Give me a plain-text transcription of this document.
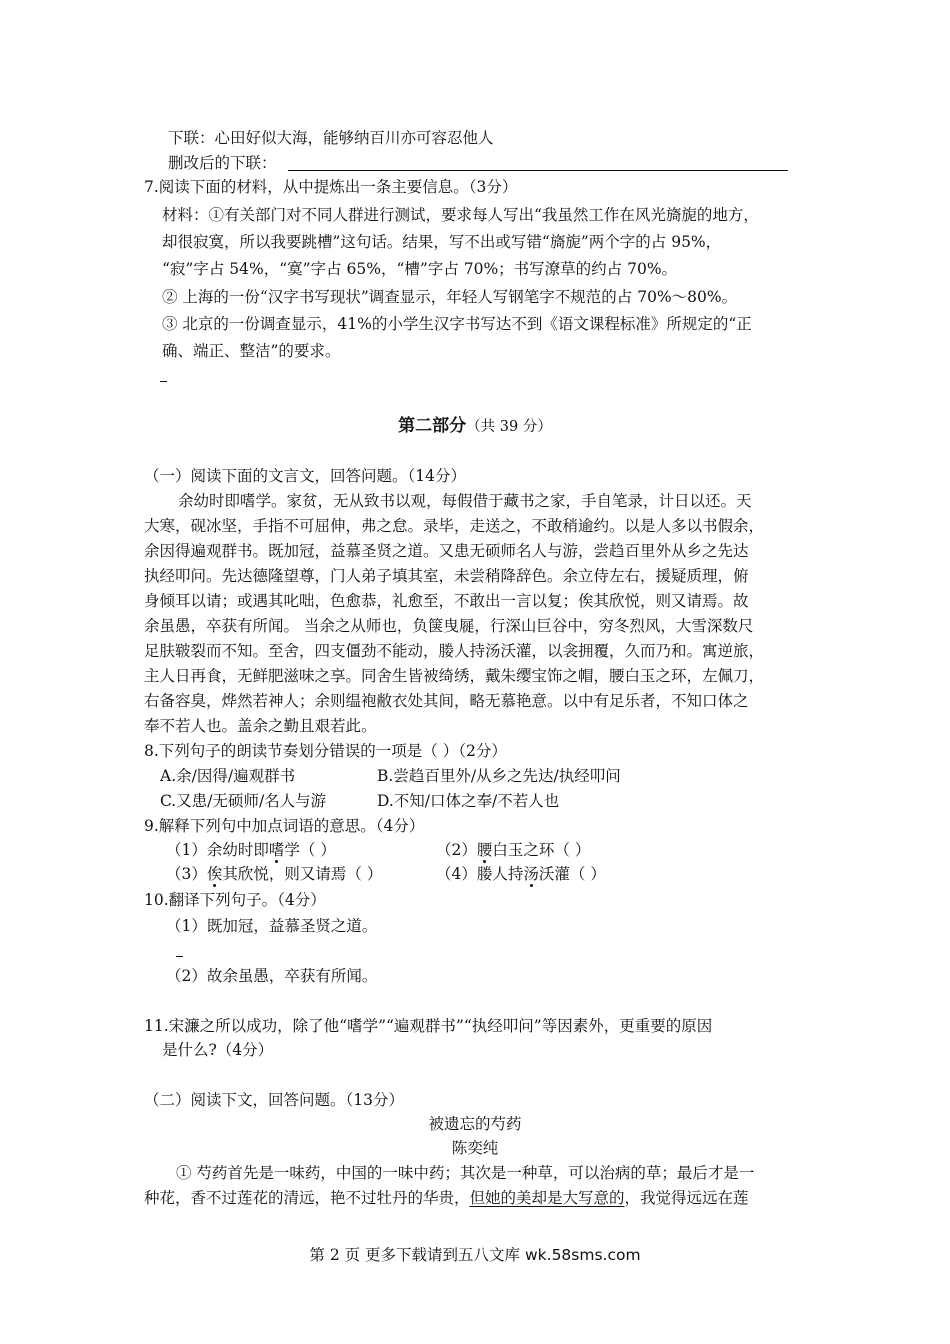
下联：心田好似大海，能够纳百川亦可容忍他人
删改后的下联：
7.阅读下面的材料，从中提炼出一条主要信息。（3分）
材料：①有关部门对不同人群进行测试，要求每人写出“我虽然工作在风光旖旎的地方，
却很寂寞，所以我要跳槽”这句话。结果，写不出或写错“旖旎”两个字的占 95%，
“寂”字占 54%，“寞”字占 65%，“槽”字占 70%；书写潦草的约占 70%。
② 上海的一份“汉字书写现状”调查显示，年轻人写钢笔字不规范的占 70%～80%。
③ 北京的一份调查显示，41%的小学生汉字书写达不到《语文课程标准》所规定的“正
确、端正、整洁”的要求。
第二部分（共 39 分）
（一）阅读下面的文言文，回答问题。（14分）
余幼时即嗜学。家贫，无从致书以观，每假借于藏书之家，手自笔录，计日以还。天
大寒，砚冰坚，手指不可屈伸，弗之怠。录毕，走送之，不敢稍逾约。以是人多以书假余，
余因得遍观群书。既加冠，益慕圣贤之道。又患无硕师名人与游，尝趋百里外从乡之先达
执经叩问。先达德隆望尊，门人弟子填其室，未尝稍降辞色。余立侍左右，援疑质理，俯
身倾耳以请；或遇其叱咄，色愈恭，礼愈至，不敢出一言以复；俟其欣悦，则又请焉。故
余虽愚，卒获有所闻。 当余之从师也，负箧曳屣，行深山巨谷中，穷冬烈风，大雪深数尺
足肤皲裂而不知。至舍，四支僵劲不能动，媵人持汤沃灌，以衾拥覆，久而乃和。寓逆旅，
主人日再食，无鲜肥滋味之享。同舍生皆被绮绣，戴朱缨宝饰之帽，腰白玉之环，左佩刀，
右备容臭，烨然若神人；余则缊袍敝衣处其间，略无慕艳意。以中有足乐者，不知口体之
奉不若人也。盖余之勤且艰若此。
8.下列句子的朗读节奏划分错误的一项是（ ）（2分）
A.余/因得/遍观群书	B.尝趋百里外/从乡之先达/执经叩问
C.又患/无硕师/名人与游	D.不知/口体之奉/不若人也
9.解释下列句中加点词语的意思。（4分）
（1）余幼时即嗜学（ ）	（2）腰白玉之环（ ）
（3）俟其欣悦，则又请焉（ ）	（4）媵人持汤沃灌（ ）
10.翻译下列句子。（4分）
（1）既加冠，益慕圣贤之道。
（2）故余虽愚，卒获有所闻。
11.宋濂之所以成功，除了他“嗜学”“遍观群书”“执经叩问”等因素外，更重要的原因
是什么?（4分）
（二）阅读下文，回答问题。（13分）
被遗忘的芍药
陈奕纯
① 芍药首先是一味药，中国的一味中药；其次是一种草，可以治病的草；最后才是一
种花，香不过莲花的清远，艳不过牡丹的华贵，但她的美却是大写意的，我觉得远远在莲
第 2 页 更多下载请到五八文库 wk.58sms.com
